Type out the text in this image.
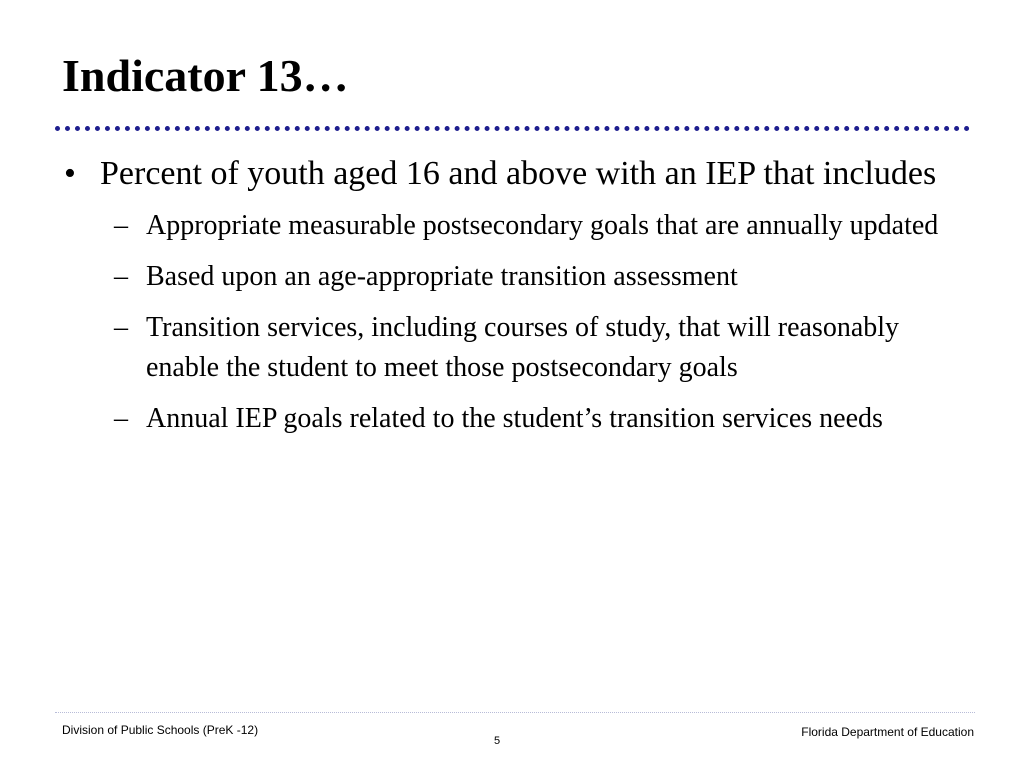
Indicator 13…
• Percent of youth aged 16 and above with an IEP that includes
– Appropriate measurable postsecondary goals that are annually updated
– Based upon an age-appropriate transition assessment
– Transition services, including courses of study, that will reasonably enable the student to meet those postsecondary goals
– Annual IEP goals related to the student’s transition services needs
Division of Public Schools (PreK -12)
5
Florida Department of Education
